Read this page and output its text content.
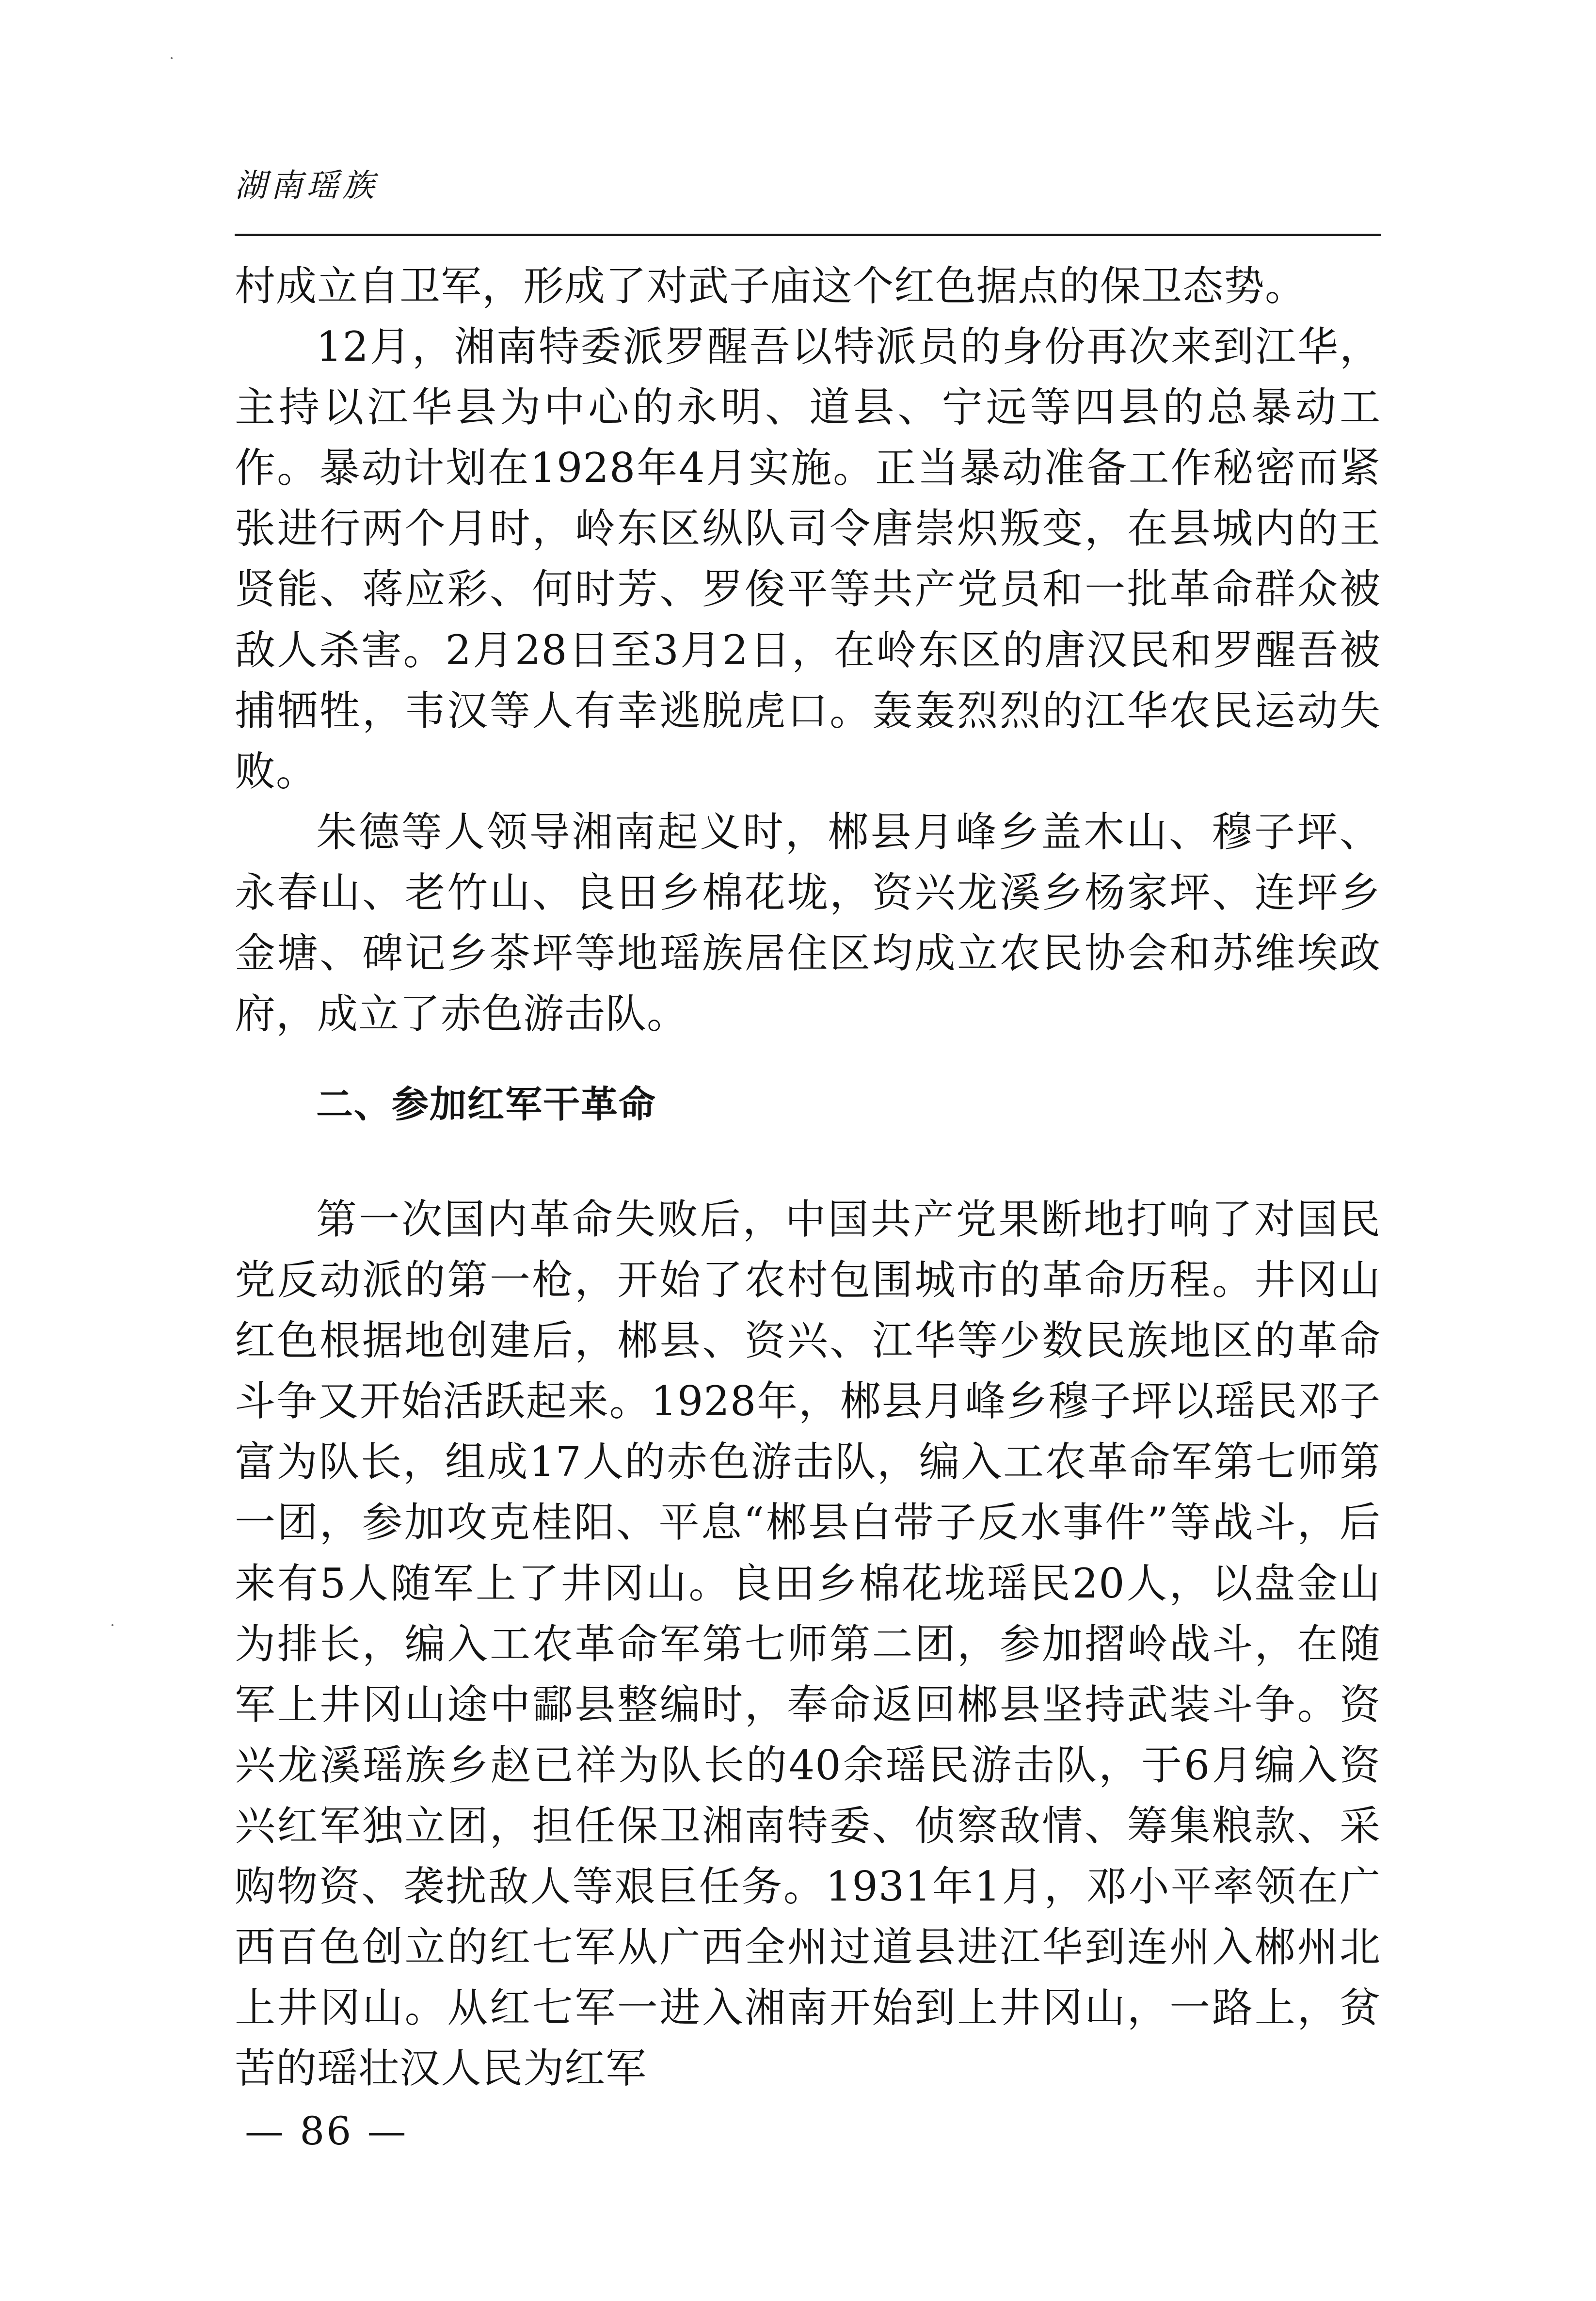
湖南瑶族

村成立自卫军，形成了对武子庙这个红色据点的保卫态势。

12月，湘南特委派罗醒吾以特派员的身份再次来到江华，主持以江华县为中心的永明、道县、宁远等四县的总暴动工作。暴动计划在1928年4月实施。正当暴动准备工作秘密而紧张进行两个月时，岭东区纵队司令唐崇炽叛变，在县城内的王贤能、蒋应彩、何时芳、罗俊平等共产党员和一批革命群众被敌人杀害。2月28日至3月2日，在岭东区的唐汉民和罗醒吾被捕牺牲，韦汉等人有幸逃脱虎口。轰轰烈烈的江华农民运动失败。

朱德等人领导湘南起义时，郴县月峰乡盖木山、穆子坪、永春山、老竹山、良田乡棉花垅，资兴龙溪乡杨家坪、连坪乡金塘、碑记乡茶坪等地瑶族居住区均成立农民协会和苏维埃政府，成立了赤色游击队。

二、参加红军干革命

第一次国内革命失败后，中国共产党果断地打响了对国民党反动派的第一枪，开始了农村包围城市的革命历程。井冈山红色根据地创建后，郴县、资兴、江华等少数民族地区的革命斗争又开始活跃起来。1928年，郴县月峰乡穆子坪以瑶民邓子富为队长，组成17人的赤色游击队，编入工农革命军第七师第一团，参加攻克桂阳、平息“郴县白带子反水事件”等战斗，后来有5人随军上了井冈山。良田乡棉花垅瑶民20人，以盘金山为排长，编入工农革命军第七师第二团，参加摺岭战斗，在随军上井冈山途中酃县整编时，奉命返回郴县坚持武装斗争。资兴龙溪瑶族乡赵已祥为队长的40余瑶民游击队，于6月编入资兴红军独立团，担任保卫湘南特委、侦察敌情、筹集粮款、采购物资、袭扰敌人等艰巨任务。1931年1月，邓小平率领在广西百色创立的红七军从广西全州过道县进江华到连州入郴州北上井冈山。从红七军一进入湘南开始到上井冈山，一路上，贫苦的瑶壮汉人民为红军

— 86 —
